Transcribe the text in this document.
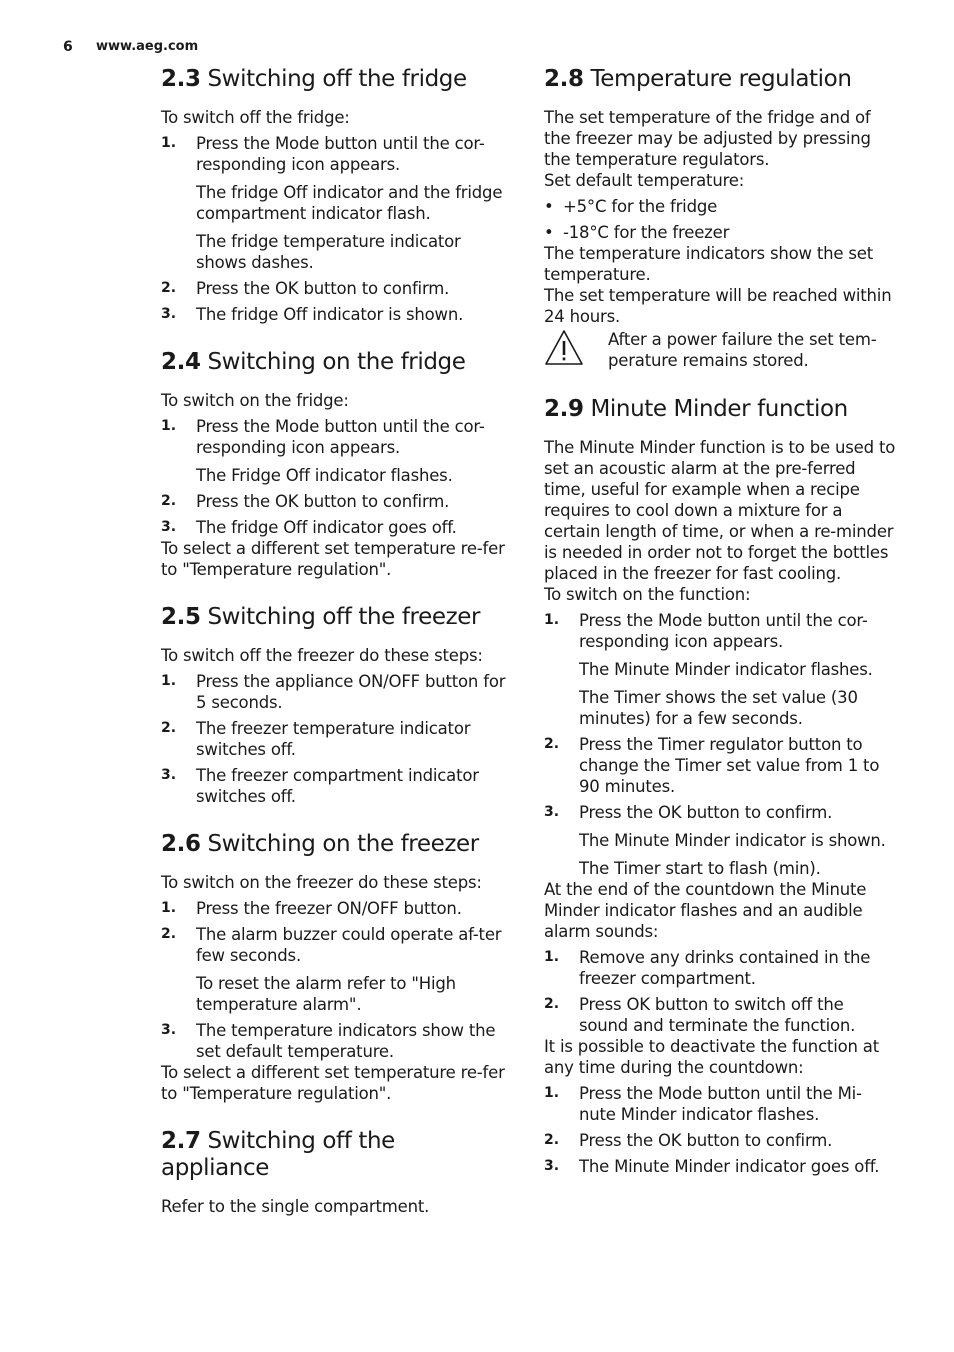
6 www.aeg.com
2.3 Switching off the fridge

To switch off the fridge:

1. Press the Mode button until the cor-responding icon appears.
The fridge Off indicator and the fridge compartment indicator flash.
The fridge temperature indicator shows dashes.
2. Press the OK button to confirm.
3. The fridge Off indicator is shown.
2.4 Switching on the fridge

To switch on the fridge:

1. Press the Mode button until the cor-responding icon appears.
The Fridge Off indicator flashes.
2. Press the OK button to confirm.
3. The fridge Off indicator goes off.

To select a different set temperature re-fer to "Temperature regulation".

2.5 Switching off the freezer

To switch off the freezer do these steps:

1. Press the appliance ON/OFF button for 5 seconds.
2. The freezer temperature indicator switches off.
3. The freezer compartment indicator switches off.
2.6 Switching on the freezer

To switch on the freezer do these steps:

1. Press the freezer ON/OFF button.
2. The alarm buzzer could operate af-ter few seconds.
To reset the alarm refer to "High temperature alarm".
3. The temperature indicators show the set default temperature.

To select a different set temperature re-fer to "Temperature regulation".

2.7 Switching off the appliance

Refer to the single compartment.

2.8 Temperature regulation

The set temperature of the fridge and of the freezer may be adjusted by pressing the temperature regulators.

Set default temperature:

• +5°C for the fridge
• -18°C for the freezer

The temperature indicators show the set temperature.

The set temperature will be reached within 24 hours.

After a power failure the set tem-perature remains stored.

2.9 Minute Minder function

The Minute Minder function is to be used to set an acoustic alarm at the pre-ferred time, useful for example when a recipe requires to cool down a mixture for a certain length of time, or when a re-minder is needed in order not to forget the bottles placed in the freezer for fast cooling.

To switch on the function:

1. Press the Mode button until the cor-responding icon appears.
The Minute Minder indicator flashes.
The Timer shows the set value (30 minutes) for a few seconds.
2. Press the Timer regulator button to change the Timer set value from 1 to 90 minutes.
3. Press the OK button to confirm.
The Minute Minder indicator is shown.
The Timer start to flash (min).

At the end of the countdown the Minute Minder indicator flashes and an audible alarm sounds:

1. Remove any drinks contained in the freezer compartment.
2. Press OK button to switch off the sound and terminate the function.

It is possible to deactivate the function at any time during the countdown:

1. Press the Mode button until the Mi-nute Minder indicator flashes.
2. Press the OK button to confirm.
3. The Minute Minder indicator goes off.
